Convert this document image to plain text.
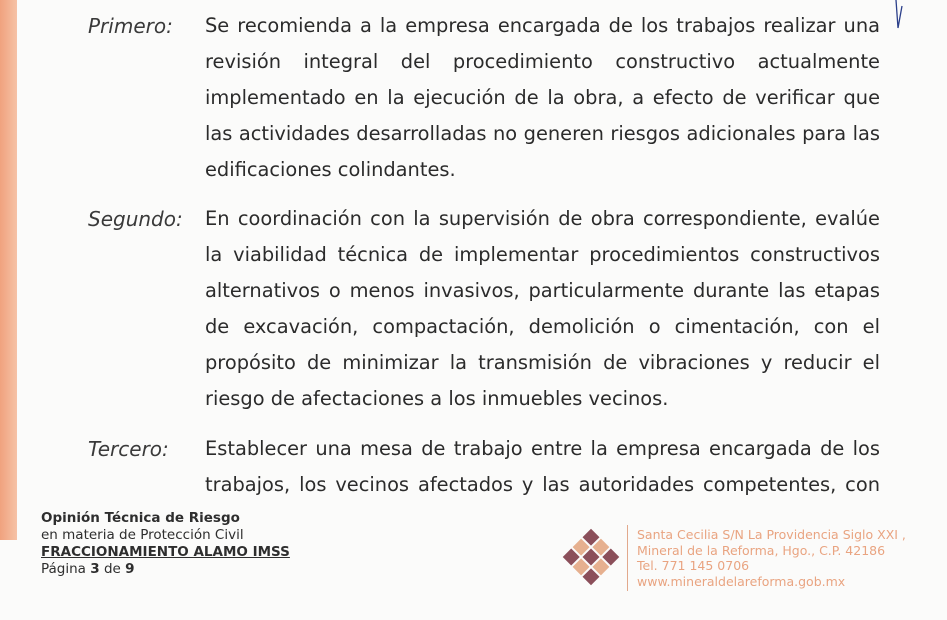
Primero:	Se recomienda a la empresa encargada de los trabajos realizar una revisión integral del procedimiento constructivo actualmente implementado en la ejecución de la obra, a efecto de verificar que las actividades desarrolladas no generen riesgos adicionales para las edificaciones colindantes.
Segundo:	En coordinación con la supervisión de obra correspondiente, evalúe la viabilidad técnica de implementar procedimientos constructivos alternativos o menos invasivos, particularmente durante las etapas de excavación, compactación, demolición o cimentación, con el propósito de minimizar la transmisión de vibraciones y reducir el riesgo de afectaciones a los inmuebles vecinos.
Tercero:	Establecer una mesa de trabajo entre la empresa encargada de los trabajos, los vecinos afectados y las autoridades competentes, con
Opinión Técnica de Riesgo
en materia de Protección Civil
FRACCIONAMIENTO ALAMO IMSS
Página 3 de 9
Santa Cecilia S/N La Providencia Siglo XXI ,
Mineral de la Reforma, Hgo., C.P. 42186
Tel. 771 145 0706
www.mineraldelareforma.gob.mx
